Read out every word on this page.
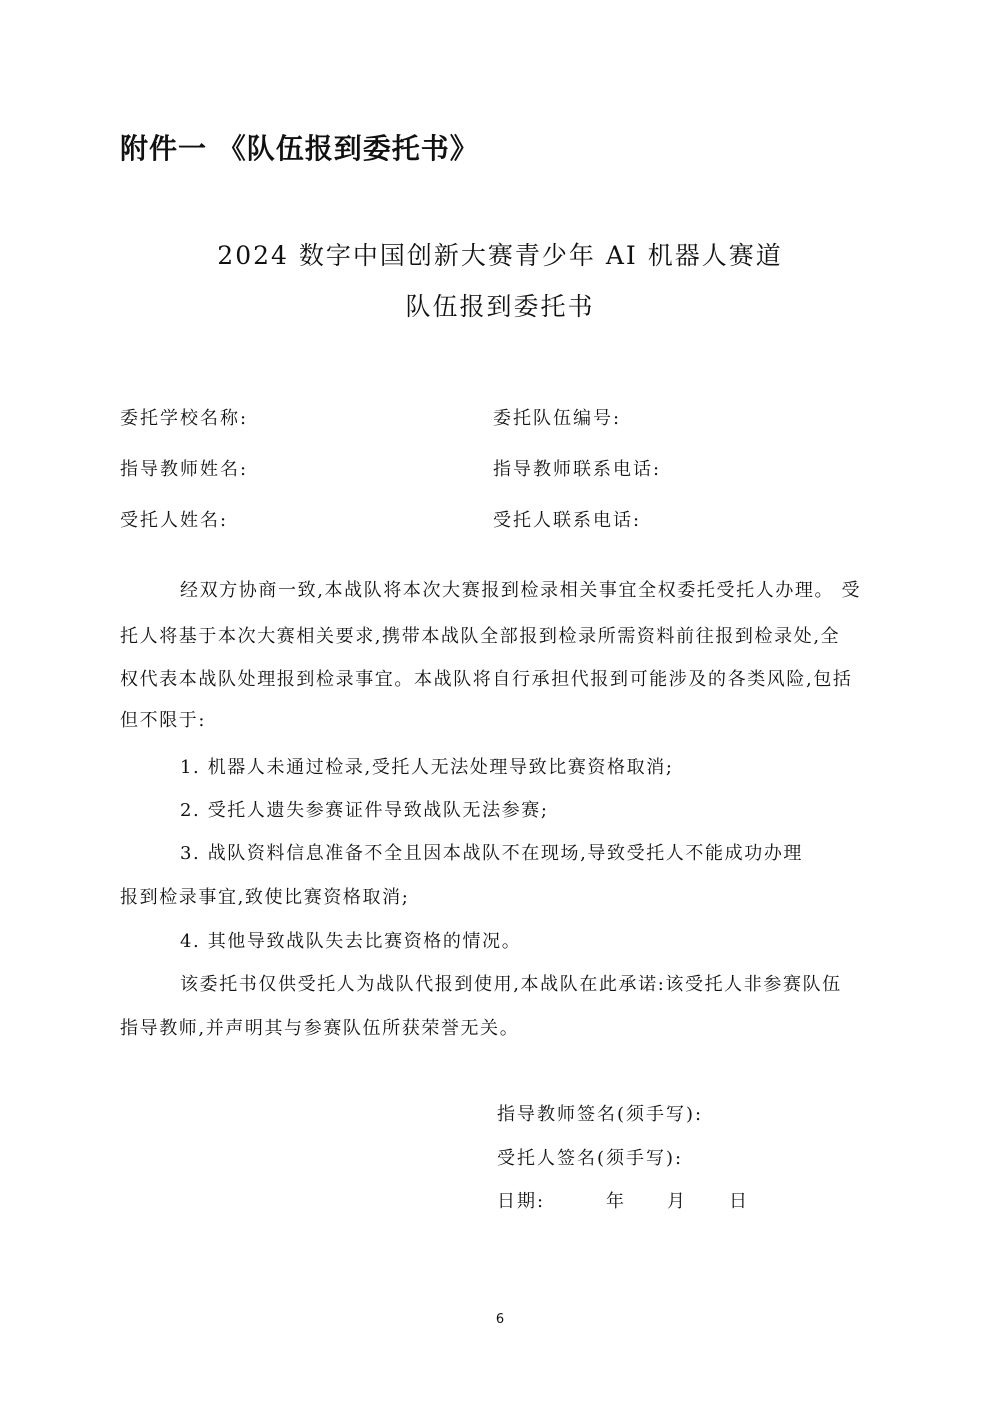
附件一 《队伍报到委托书》
2024 数字中国创新大赛青少年 AI 机器人赛道
队伍报到委托书
委托学校名称:	委托队伍编号:
指导教师姓名:	指导教师联系电话:
受托人姓名:	受托人联系电话:
经双方协商一致,本战队将本次大赛报到检录相关事宜全权委托受托人办理。 受
托人将基于本次大赛相关要求,携带本战队全部报到检录所需资料前往报到检录处,全
权代表本战队处理报到检录事宜。本战队将自行承担代报到可能涉及的各类风险,包括
但不限于:
1. 机器人未通过检录,受托人无法处理导致比赛资格取消;
2. 受托人遗失参赛证件导致战队无法参赛;
3. 战队资料信息准备不全且因本战队不在现场,导致受托人不能成功办理
报到检录事宜,致使比赛资格取消;
4. 其他导致战队失去比赛资格的情况。
该委托书仅供受托人为战队代报到使用,本战队在此承诺:该受托人非参赛队伍
指导教师,并声明其与参赛队伍所获荣誉无关。
指导教师签名(须手写):
受托人签名(须手写):
日期:	年 月 日
6
